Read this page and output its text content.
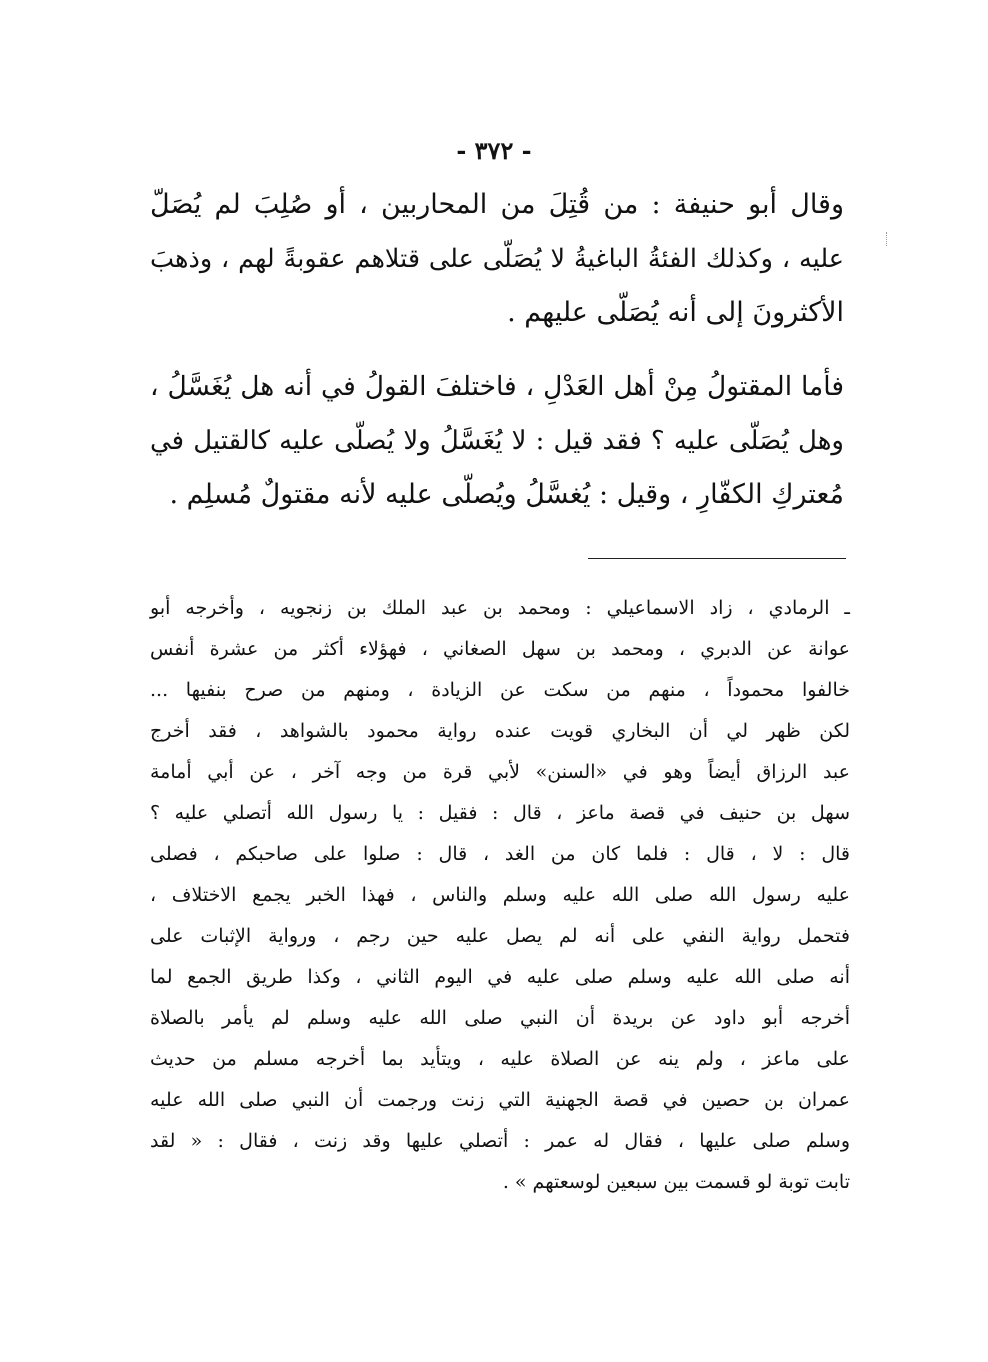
- ٣٧٢ -
وقال أبو حنيفة : من قُتِلَ من المحاربين ، أو صُلِبَ لم يُصَلّ
عليه ، وكذلك الفئةُ الباغيةُ لا يُصَلّى على قتلاهم عقوبةً لهم ، وذهبَ
الأكثرونَ إلى أنه يُصَلّى عليهم .
فأما المقتولُ مِنْ أهل العَدْلِ ، فاختلفَ القولُ في أنه هل يُغَسَّلُ ،
وهل يُصَلّى عليه ؟ فقد قيل : لا يُغَسَّلُ ولا يُصلّى عليه كالقتيل في
مُعتركِ الكفّارِ ، وقيل : يُغسَّلُ ويُصلّى عليه لأنه مقتولٌ مُسلِم .
ـ الرمادي ، زاد الاسماعيلي : ومحمد بن عبد الملك بن زنجويه ، وأخرجه أبو
عوانة عن الدبري ، ومحمد بن سهل الصغاني ، فهؤلاء أكثر من عشرة أنفس
خالفوا محموداً ، منهم من سكت عن الزيادة ، ومنهم من صرح بنفيها ...
لكن ظهر لي أن البخاري قويت عنده رواية محمود بالشواهد ، فقد أخرج
عبد الرزاق أيضاً وهو في «السنن» لأبي قرة من وجه آخر ، عن أبي أمامة
سهل بن حنيف في قصة ماعز ، قال : فقيل : يا رسول الله أتصلي عليه ؟
قال : لا ، قال : فلما كان من الغد ، قال : صلوا على صاحبكم ، فصلى
عليه رسول الله صلى الله عليه وسلم والناس ، فهذا الخبر يجمع الاختلاف ،
فتحمل رواية النفي على أنه لم يصل عليه حين رجم ، ورواية الإثبات على
أنه صلى الله عليه وسلم صلى عليه في اليوم الثاني ، وكذا طريق الجمع لما
أخرجه أبو داود عن بريدة أن النبي صلى الله عليه وسلم لم يأمر بالصلاة
على ماعز ، ولم ينه عن الصلاة عليه ، ويتأيد بما أخرجه مسلم من حديث
عمران بن حصين في قصة الجهنية التي زنت ورجمت أن النبي صلى الله عليه
وسلم صلى عليها ، فقال له عمر : أتصلي عليها وقد زنت ، فقال : « لقد
تابت توبة لو قسمت بين سبعين لوسعتهم » .
